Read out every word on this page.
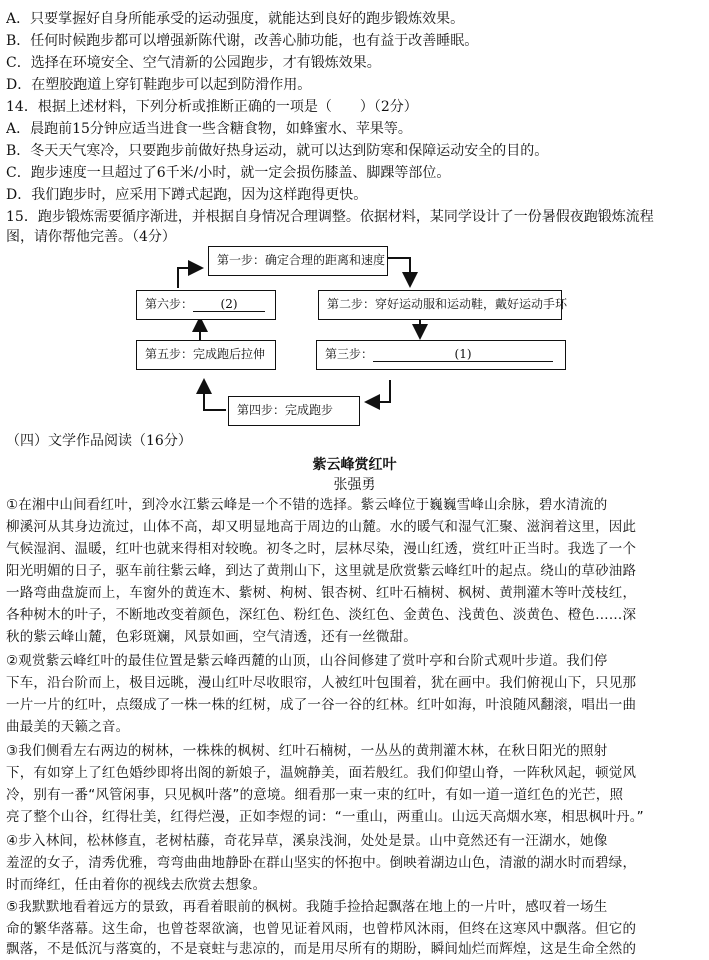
A．只要掌握好自身所能承受的运动强度，就能达到良好的跑步锻炼效果。
B．任何时候跑步都可以增强新陈代谢，改善心肺功能，也有益于改善睡眠。
C．选择在环境安全、空气清新的公园跑步，才有锻炼效果。
D．在塑胶跑道上穿钉鞋跑步可以起到防滑作用。
14．根据上述材料，下列分析或推断正确的一项是（　　）（2分）
A．晨跑前15分钟应适当进食一些含糖食物，如蜂蜜水、苹果等。
B．冬天天气寒冷，只要跑步前做好热身运动，就可以达到防寒和保障运动安全的目的。
C．跑步速度一旦超过了6千米/小时，就一定会损伤膝盖、脚踝等部位。
D．我们跑步时，应采用下蹲式起跑，因为这样跑得更快。
15．跑步锻炼需要循序渐进，并根据自身情况合理调整。依据材料，某同学设计了一份暑假夜跑锻炼流程
图，请你帮他完善。（4分）
第一步：确定合理的距离和速度
第二步：穿好运动服和运动鞋，戴好运动手环
第三步：	(1)
第四步：完成跑步
第五步：完成跑后拉伸
第六步： (2)
（四）文学作品阅读（16分）
紫云峰赏红叶
张强勇
①在湘中山间看红叶，到冷水江紫云峰是一个不错的选择。紫云峰位于巍巍雪峰山余脉，碧水清流的
柳溪河从其身边流过，山体不高，却又明显地高于周边的山麓。水的暖气和湿气汇聚、滋润着这里，因此
气候湿润、温暖，红叶也就来得相对较晚。初冬之时，层林尽染，漫山红透，赏红叶正当时。我选了一个
阳光明媚的日子，驱车前往紫云峰，到达了黄荆山下，这里就是欣赏紫云峰红叶的起点。绕山的草砂油路
一路弯曲盘旋而上，车窗外的黄连木、紫树、枸树、银杏树、红叶石楠树、枫树、黄荆灌木等叶茂枝红，
各种树木的叶子，不断地改变着颜色，深红色、粉红色、淡红色、金黄色、浅黄色、淡黄色、橙色……深
秋的紫云峰山麓，色彩斑斓，风景如画，空气清透，还有一丝微甜。
②观赏紫云峰红叶的最佳位置是紫云峰西麓的山顶，山谷间修建了赏叶亭和台阶式观叶步道。我们停
下车，沿台阶而上，极目远眺，漫山红叶尽收眼帘，人被红叶包围着，犹在画中。我们俯视山下，只见那
一片一片的红叶，点缀成了一株一株的红树，成了一谷一谷的红林。红叶如海，叶浪随风翻滚，唱出一曲
曲最美的天籁之音。
③我们侧看左右两边的树林，一株株的枫树、红叶石楠树，一丛丛的黄荆灌木林，在秋日阳光的照射
下，有如穿上了红色婚纱即将出阁的新娘子，温婉静美，面若般红。我们仰望山脊，一阵秋风起，顿觉风
冷，别有一番“风管闲事，只见枫叶落”的意境。细看那一束一束的红叶，有如一道一道红色的光芒，照
亮了整个山谷，红得壮美，红得烂漫，正如李煜的词：“一重山，两重山。山远天高烟水寒，相思枫叶丹。”
④步入林间，松林修直，老树枯藤，奇花异草，溪泉浅涧，处处是景。山中竟然还有一汪湖水，她像
羞涩的女子，清秀优雅，弯弯曲曲地静卧在群山坚实的怀抱中。倒映着湖边山色，清澈的湖水时而碧绿，
时而绛红，任由着你的视线去欣赏去想象。
⑤我默默地看着远方的景致，再看着眼前的枫树。我随手捡拾起飘落在地上的一片叶，感叹着一场生
命的繁华落幕。这生命，也曾苍翠欲滴，也曾见证着风雨，也曾栉风沐雨，但终在这寒风中飘落。但它的
飘落，不是低沉与落寞的，不是衰蛀与悲凉的，而是用尽所有的期盼，瞬间灿烂而辉煌，这是生命全然的
